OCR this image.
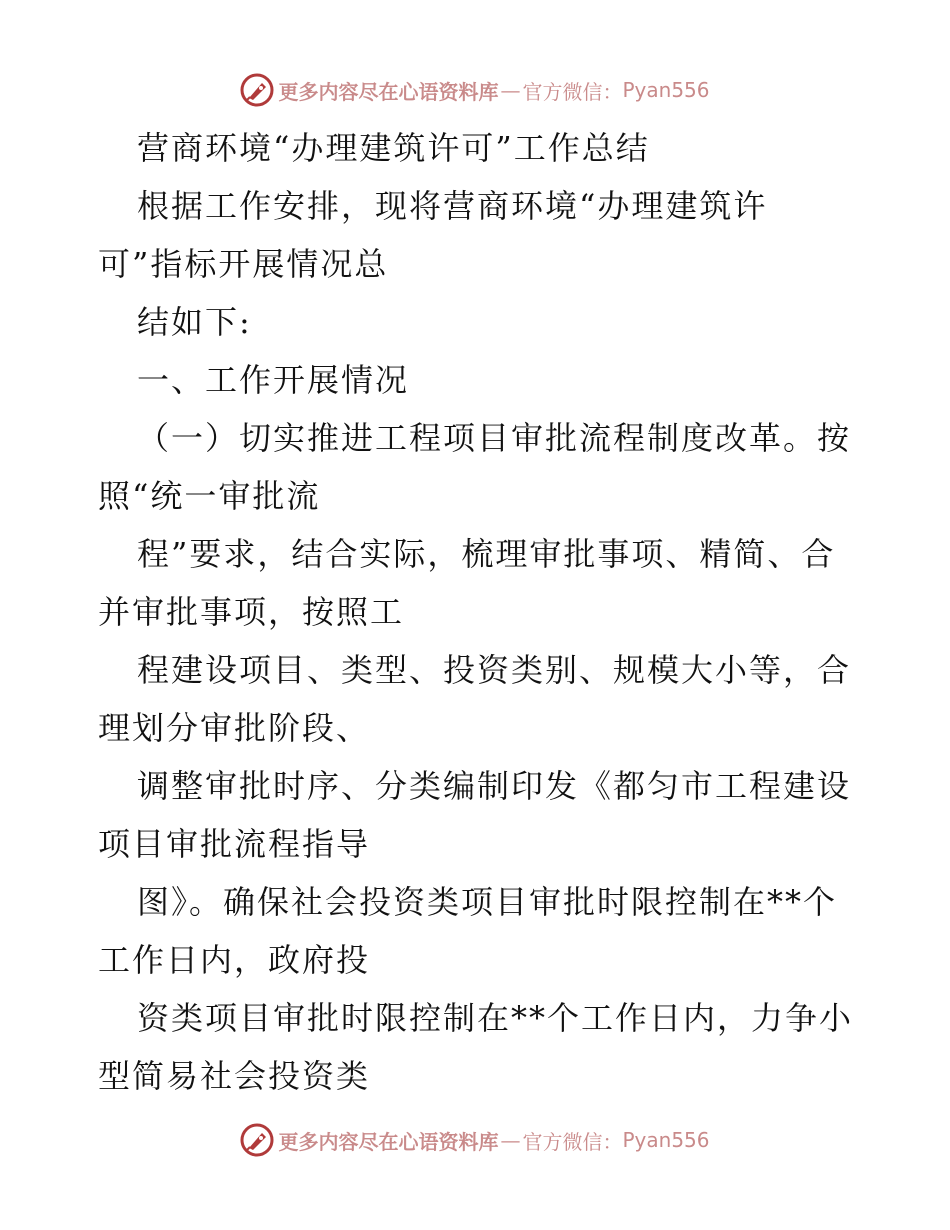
更多内容尽在心语资料库 — 官方微信： Pyan556
营商环境“办理建筑许可”工作总结
根据工作安排，现将营商环境“办理建筑许
可”指标开展情况总
结如下:
一、工作开展情况
（一）切实推进工程项目审批流程制度改革。按
照“统一审批流
程”要求，结合实际，梳理审批事项、精简、合
并审批事项，按照工
程建设项目、类型、投资类别、规模大小等，合
理划分审批阶段、
调整审批时序、分类编制印发《都匀市工程建设
项目审批流程指导
图》。确保社会投资类项目审批时限控制在**个
工作日内，政府投
资类项目审批时限控制在**个工作日内，力争小
型简易社会投资类
更多内容尽在心语资料库 — 官方微信： Pyan556
